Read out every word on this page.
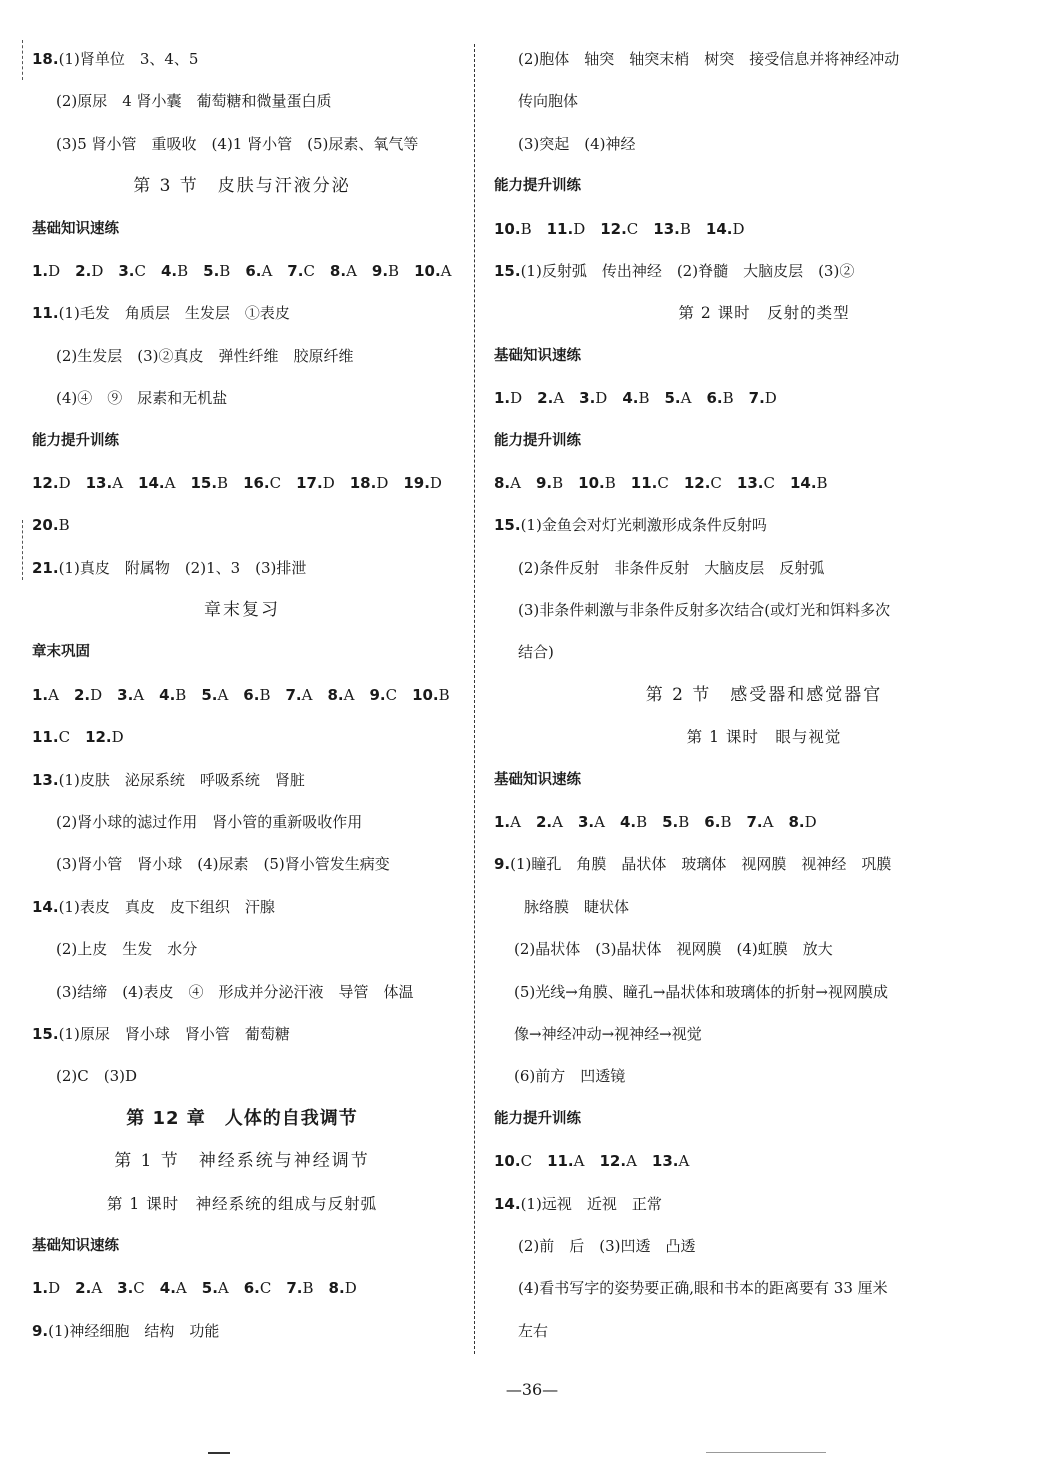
18.(1)肾单位　3、4、5
(2)原尿　4 肾小囊　葡萄糖和微量蛋白质
(3)5 肾小管　重吸收　(4)1 肾小管　(5)尿素、氧气等
第 3 节　皮肤与汗液分泌
基础知识速练
1.D  2.D  3.C  4.B  5.B  6.A  7.C  8.A  9.B  10.A
11.(1)毛发　角质层　生发层　①表皮
(2)生发层　(3)②真皮　弹性纤维　胶原纤维
(4)④　⑨　尿素和无机盐
能力提升训练
12.D  13.A  14.A  15.B  16.C  17.D  18.D  19.D
20.B
21.(1)真皮　附属物　(2)1、3　(3)排泄
章末复习
章末巩固
1.A  2.D  3.A  4.B  5.A  6.B  7.A  8.A  9.C  10.B
11.C  12.D
13.(1)皮肤　泌尿系统　呼吸系统　肾脏
(2)肾小球的滤过作用　肾小管的重新吸收作用
(3)肾小管　肾小球　(4)尿素　(5)肾小管发生病变
14.(1)表皮　真皮　皮下组织　汗腺
(2)上皮　生发　水分
(3)结缔　(4)表皮　④　形成并分泌汗液　导管　体温
15.(1)原尿　肾小球　肾小管　葡萄糖
(2)C　(3)D
第 12 章　人体的自我调节
第 1 节　神经系统与神经调节
第 1 课时　神经系统的组成与反射弧
基础知识速练
1.D  2.A  3.C  4.A  5.A  6.C  7.B  8.D
9.(1)神经细胞　结构　功能
(2)胞体　轴突　轴突末梢　树突　接受信息并将神经冲动
传向胞体
(3)突起　(4)神经
能力提升训练
10.B  11.D  12.C  13.B  14.D
15.(1)反射弧　传出神经　(2)脊髓　大脑皮层　(3)②
第 2 课时　反射的类型
基础知识速练
1.D  2.A  3.D  4.B  5.A  6.B  7.D
能力提升训练
8.A  9.B  10.B  11.C  12.C  13.C  14.B
15.(1)金鱼会对灯光刺激形成条件反射吗
(2)条件反射　非条件反射　大脑皮层　反射弧
(3)非条件刺激与非条件反射多次结合(或灯光和饵料多次
结合)
第 2 节　感受器和感觉器官
第 1 课时　眼与视觉
基础知识速练
1.A  2.A  3.A  4.B  5.B  6.B  7.A  8.D
9.(1)瞳孔　角膜　晶状体　玻璃体　视网膜　视神经　巩膜
脉络膜　睫状体
(2)晶状体　(3)晶状体　视网膜　(4)虹膜　放大
(5)光线→角膜、瞳孔→晶状体和玻璃体的折射→视网膜成
像→神经冲动→视神经→视觉
(6)前方　凹透镜
能力提升训练
10.C  11.A  12.A  13.A
14.(1)远视　近视　正常
(2)前　后　(3)凹透　凸透
(4)看书写字的姿势要正确,眼和书本的距离要有 33 厘米
左右
—36—
